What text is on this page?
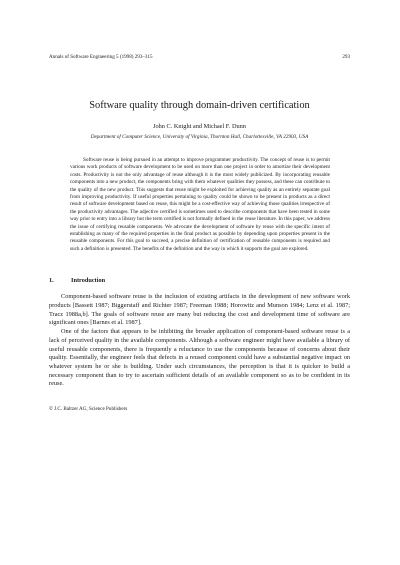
Annals of Software Engineering 5 (1998) 293–315	293
Software quality through domain-driven certification
John C. Knight and Michael F. Dunn
Department of Computer Science, University of Virginia, Thornton Hall, Charlottesville, VA 22903, USA

Software reuse is being pursued in an attempt to improve programmer productivity. The concept of reuse is to permit various work products of software development to be used on more than one project in order to amortize their development costs. Productivity is not the only advantage of reuse although it is the most widely publicized. By incorporating reusable components into a new product, the components bring with them whatever qualities they possess, and these can contribute to the quality of the new product. This suggests that reuse might be exploited for achieving quality as an entirely separate goal from improving productivity. If useful properties pertaining to quality could be shown to be present in products as a direct result of software development based on reuse, this might be a cost-effective way of achieving those qualities irrespective of the productivity advantages. The adjective certified is sometimes used to describe components that have been tested in some way prior to entry into a library but the term certified is not formally defined in the reuse literature. In this paper, we address the issue of certifying reusable components. We advocate the development of software by reuse with the specific intent of establishing as many of the required properties in the final product as possible by depending upon properties present in the reusable components. For this goal to succeed, a precise definition of certification of reusable components is required and such a definition is presented. The benefits of the definition and the way in which it supports the goal are explored.

1.	Introduction

Component-based software reuse is the inclusion of existing artifacts in the development of new software work products [Bassett 1987; Biggerstaff and Richter 1987; Freeman 1988; Horowitz and Munson 1984; Lenz et al. 1987; Tracz 1988a,b]. The goals of software reuse are many but reducing the cost and development time of software are significant ones [Barnes et al. 1987].

One of the factors that appears to be inhibiting the broader application of component-based software reuse is a lack of perceived quality in the available components. Although a software engineer might have available a library of useful reusable components, there is frequently a reluctance to use the components because of concerns about their quality. Essentially, the engineer feels that defects in a reused component could have a substantial negative impact on whatever system he or she is building. Under such circumstances, the perception is that it is quicker to build a necessary component than to try to ascertain sufficient details of an available component so as to be confident in its reuse.

© J.C. Baltzer AG, Science Publishers
